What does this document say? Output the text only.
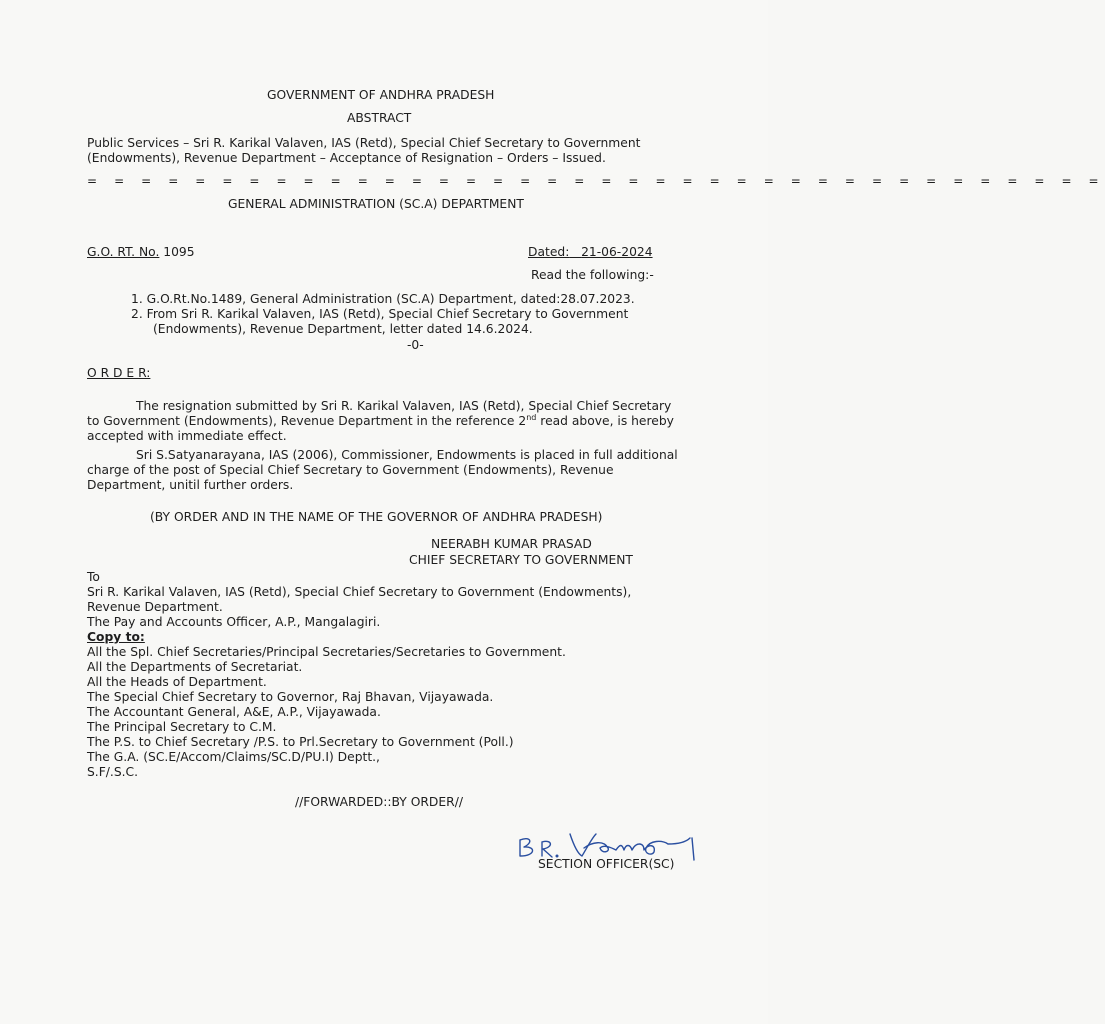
GOVERNMENT OF ANDHRA PRADESH
ABSTRACT
Public Services – Sri R. Karikal Valaven, IAS (Retd), Special Chief Secretary to Government
(Endowments), Revenue Department – Acceptance of Resignation – Orders – Issued.
= = = = = = = = = = = = = = = = = = = = = = = = = = = = = = = = = = = = = =
GENERAL ADMINISTRATION (SC.A) DEPARTMENT
G.O. RT. No. 1095	Dated: 21-06-2024
Read the following:-
1. G.O.Rt.No.1489, General Administration (SC.A) Department, dated:28.07.2023.
2. From Sri R. Karikal Valaven, IAS (Retd), Special Chief Secretary to Government
(Endowments), Revenue Department, letter dated 14.6.2024.
-0-
O R D E R:
The resignation submitted by Sri R. Karikal Valaven, IAS (Retd), Special Chief Secretary
to Government (Endowments), Revenue Department in the reference 2nd read above, is hereby
accepted with immediate effect.
Sri S.Satyanarayana, IAS (2006), Commissioner, Endowments is placed in full additional
charge of the post of Special Chief Secretary to Government (Endowments), Revenue
Department, unitil further orders.
(BY ORDER AND IN THE NAME OF THE GOVERNOR OF ANDHRA PRADESH)
NEERABH KUMAR PRASAD
CHIEF SECRETARY TO GOVERNMENT
To
Sri R. Karikal Valaven, IAS (Retd), Special Chief Secretary to Government (Endowments),
Revenue Department.
The Pay and Accounts Officer, A.P., Mangalagiri.
Copy to:
All the Spl. Chief Secretaries/Principal Secretaries/Secretaries to Government.
All the Departments of Secretariat.
All the Heads of Department.
The Special Chief Secretary to Governor, Raj Bhavan, Vijayawada.
The Accountant General, A&E, A.P., Vijayawada.
The Principal Secretary to C.M.
The P.S. to Chief Secretary /P.S. to Prl.Secretary to Government (Poll.)
The G.A. (SC.E/Accom/Claims/SC.D/PU.I) Deptt.,
S.F/.S.C.
//FORWARDED::BY ORDER//
SECTION OFFICER(SC)
